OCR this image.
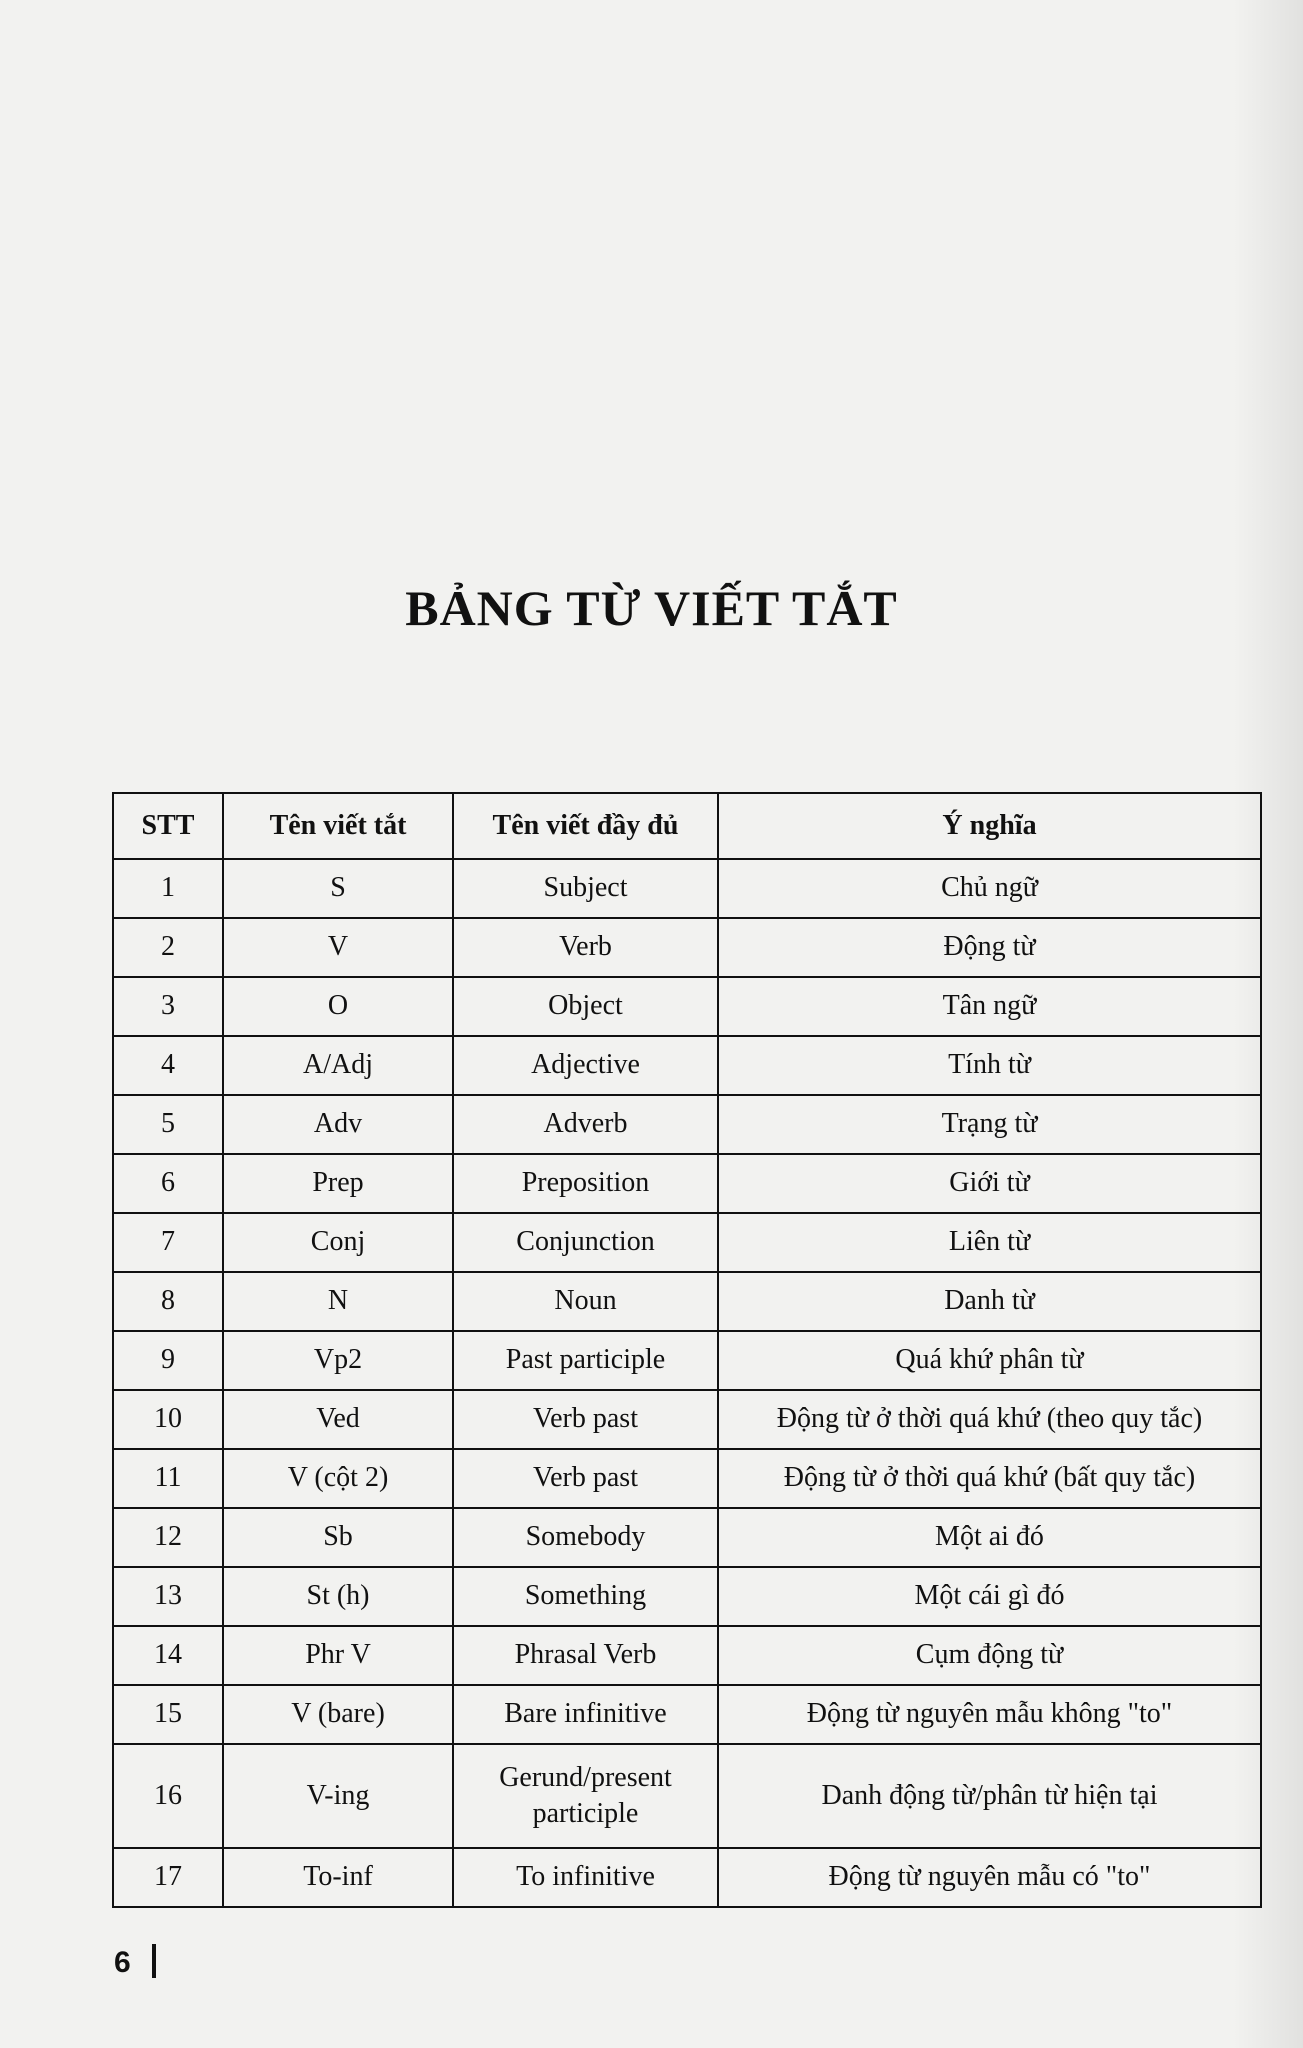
BẢNG TỪ VIẾT TẮT
STT	Tên viết tắt	Tên viết đầy đủ	Ý nghĩa
1	S	Subject	Chủ ngữ
2	V	Verb	Động từ
3	O	Object	Tân ngữ
4	A/Adj	Adjective	Tính từ
5	Adv	Adverb	Trạng từ
6	Prep	Preposition	Giới từ
7	Conj	Conjunction	Liên từ
8	N	Noun	Danh từ
9	Vp2	Past participle	Quá khứ phân từ
10	Ved	Verb past	Động từ ở thời quá khứ (theo quy tắc)
11	V (cột 2)	Verb past	Động từ ở thời quá khứ (bất quy tắc)
12	Sb	Somebody	Một ai đó
13	St (h)	Something	Một cái gì đó
14	Phr V	Phrasal Verb	Cụm động từ
15	V (bare)	Bare infinitive	Động từ nguyên mẫu không "to"
16	V-ing	Gerund/present participle	Danh động từ/phân từ hiện tại
17	To-inf	To infinitive	Động từ nguyên mẫu có "to"
6
